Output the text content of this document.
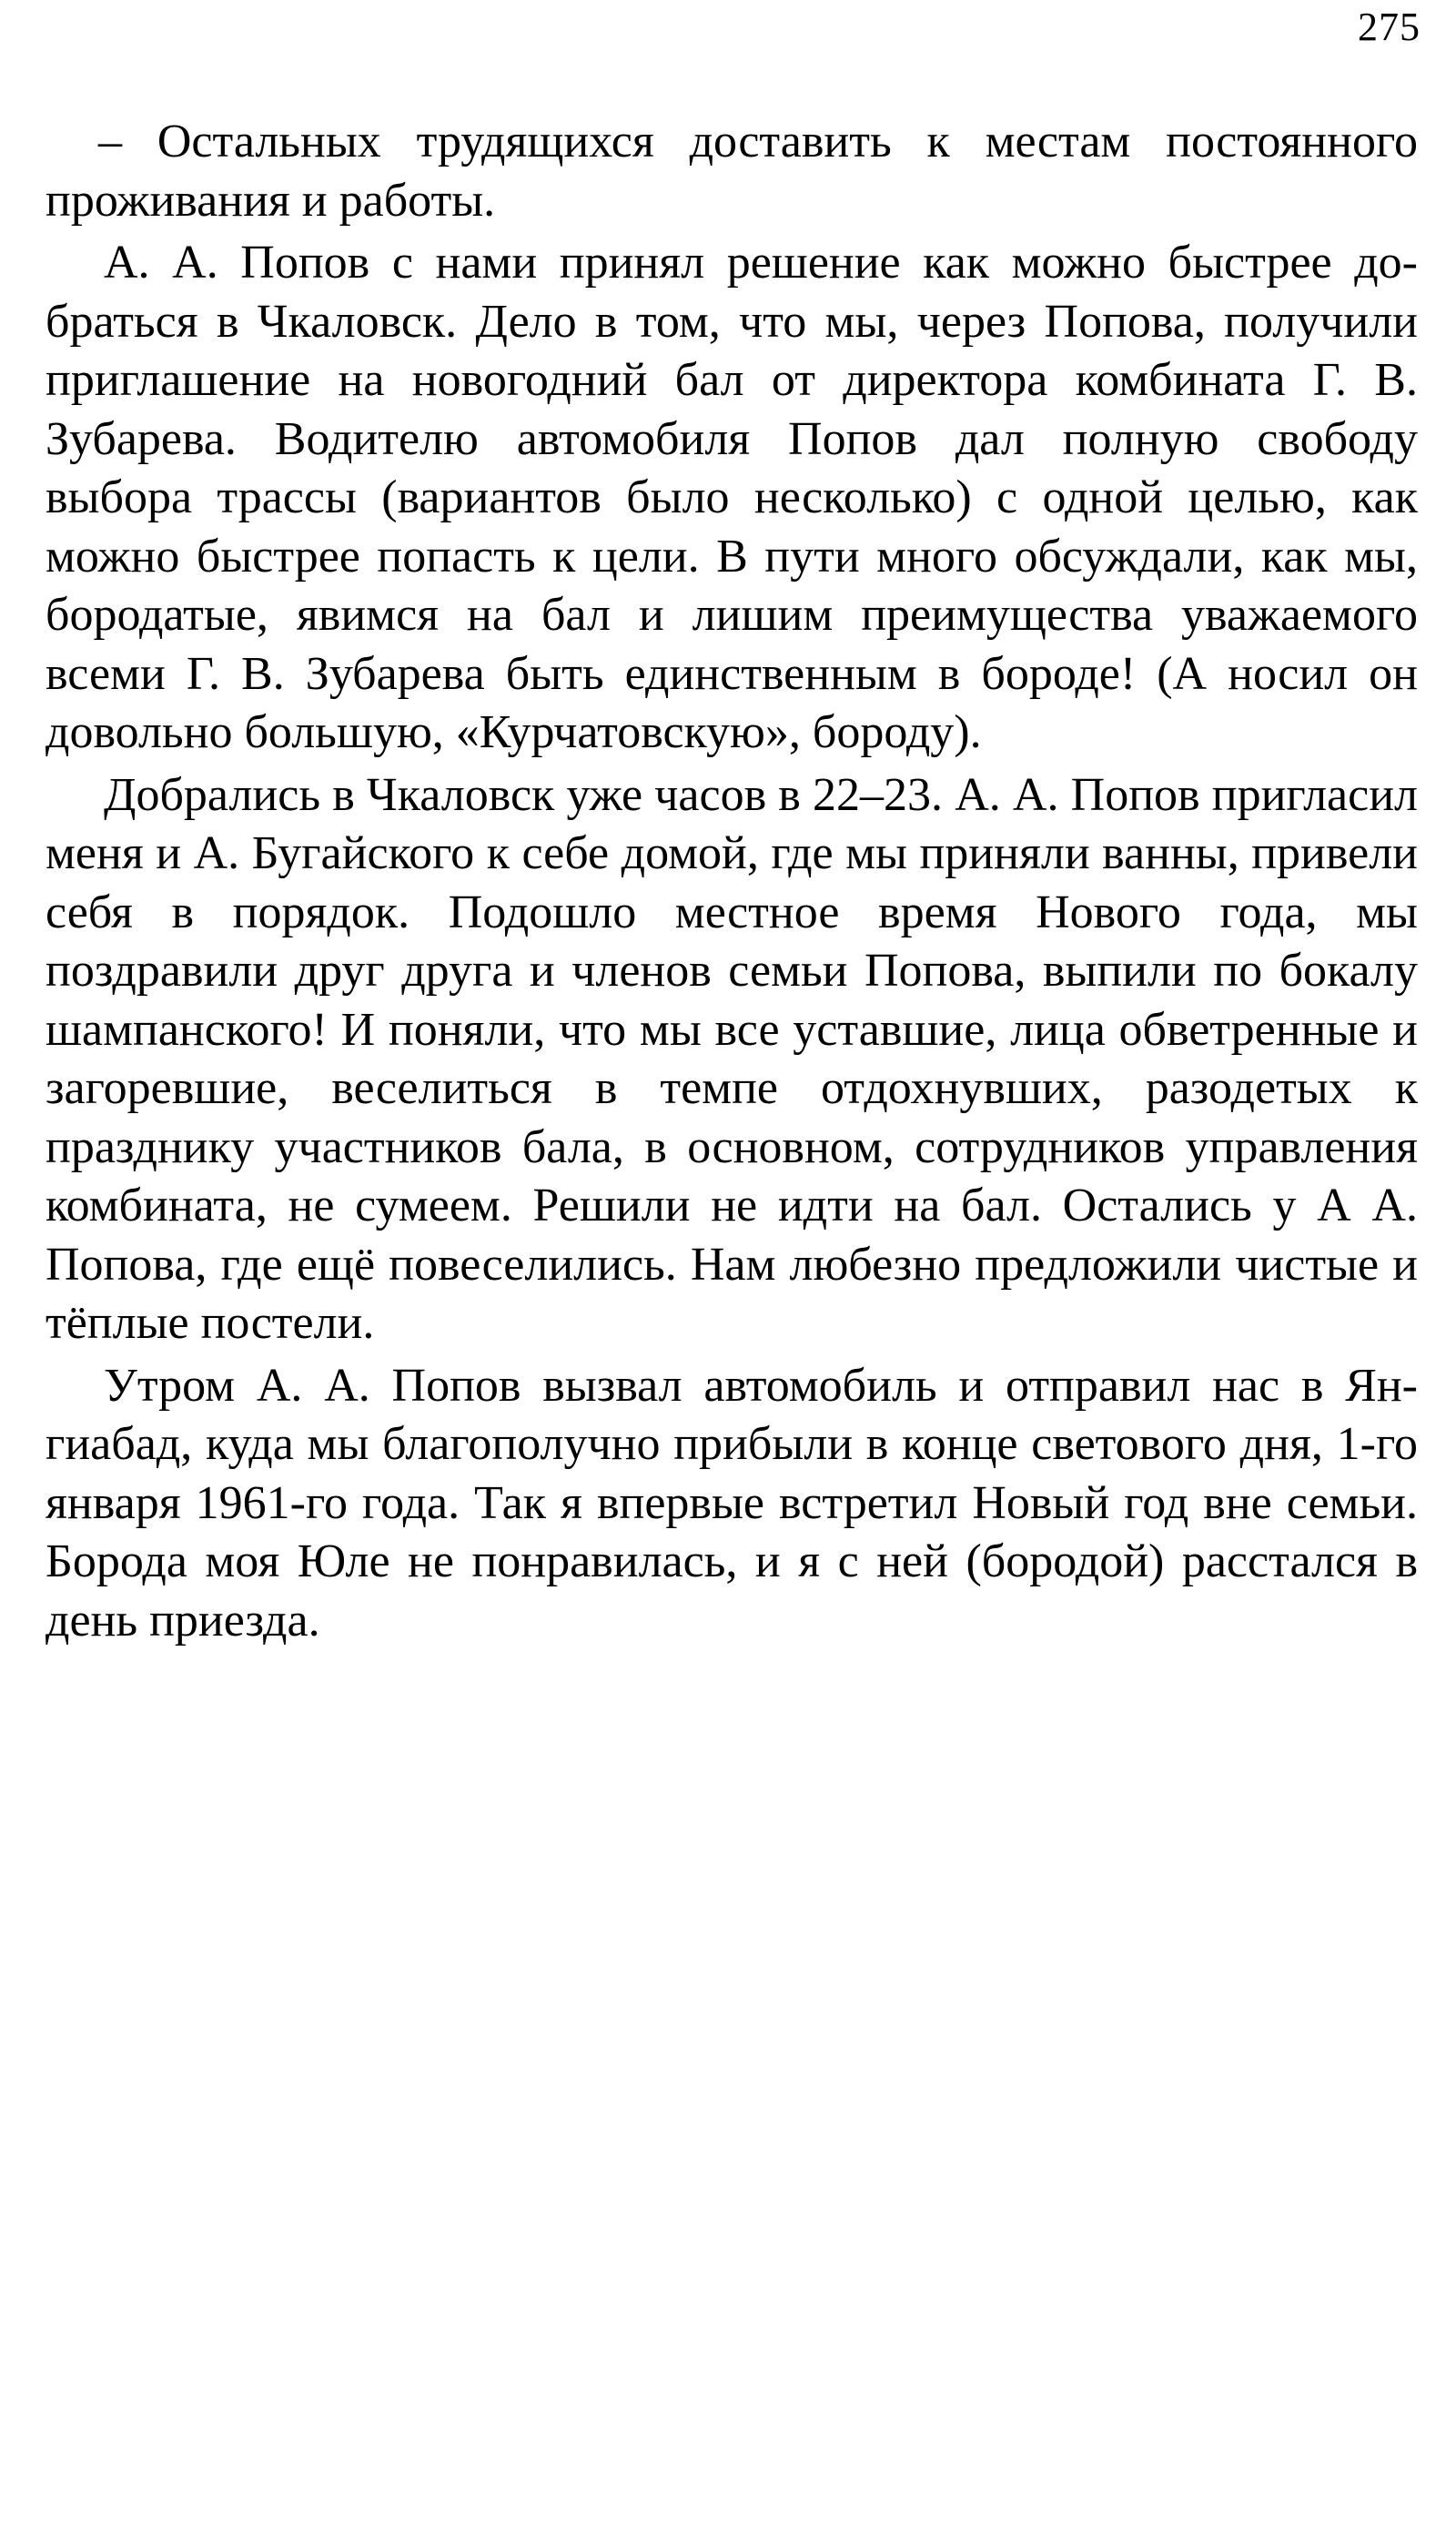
275

– Остальных трудящихся доставить к местам постоянного проживания и работы.

А. А. Попов с нами принял решение как можно быстрее добраться в Чкаловск. Дело в том, что мы, через Попова, получили приглашение на новогодний бал от директора комбината Г. В. Зубарева. Водителю автомобиля Попов дал полную свободу выбора трассы (вариантов было несколько) с одной целью, как можно быстрее попасть к цели. В пути много обсуждали, как мы, бородатые, явимся на бал и лишим преимущества уважаемого всеми Г. В. Зубарева быть единственным в бороде! (А носил он довольно большую, «Курчатовскую», бороду).

Добрались в Чкаловск уже часов в 22–23. А. А. Попов пригласил меня и А. Бугайского к себе домой, где мы приняли ванны, привели себя в порядок. Подошло местное время Нового года, мы поздравили друг друга и членов семьи Попова, выпили по бокалу шампанского! И поняли, что мы все уставшие, лица обветренные и загоревшие, веселиться в темпе отдохнувших, разодетых к празднику участников бала, в основном, сотрудников управления комбината, не сумеем. Решили не идти на бал. Остались у А А. Попова, где ещё повеселились. Нам любезно предложили чистые и тёплые постели.

Утром А. А. Попов вызвал автомобиль и отправил нас в Янгиабад, куда мы благополучно прибыли в конце светового дня, 1-го января 1961-го года. Так я впервые встретил Новый год вне семьи. Борода моя Юле не понравилась, и я с ней (бородой) расстался в день приезда.
